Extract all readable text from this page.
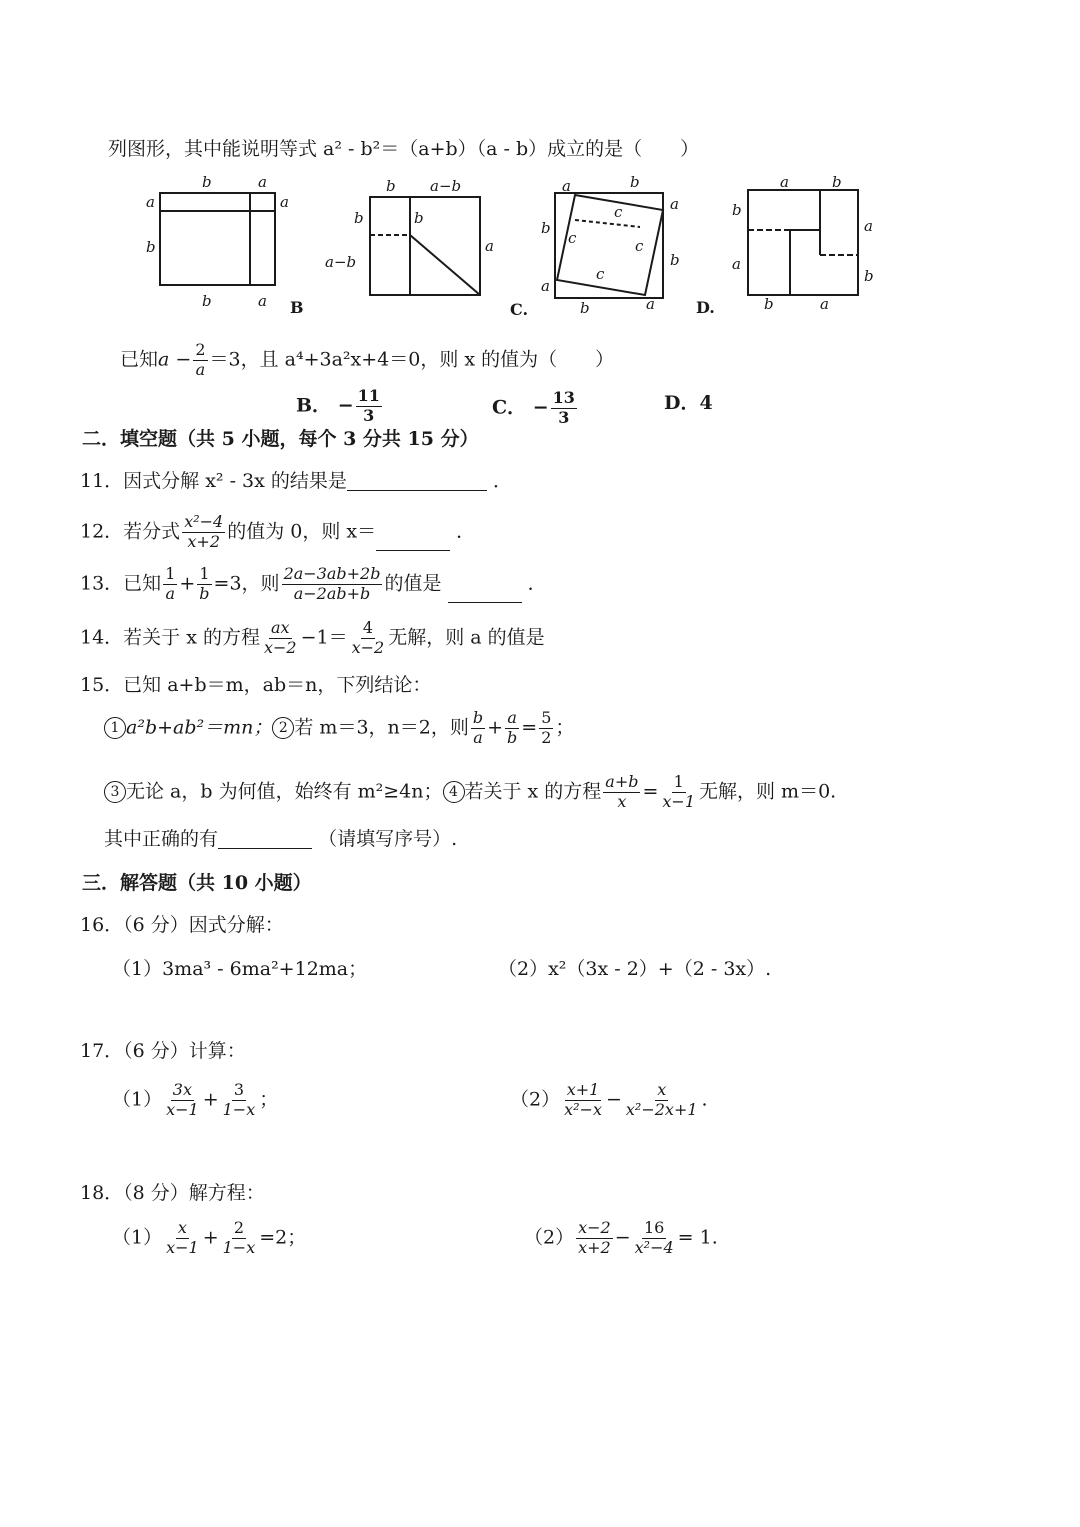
列图形，其中能说明等式 a² - b²＝（a+b）（a - b）成立的是（　　）
b	a
a	a
b
b	a
b a−b
b	b
a
a−b
B
a	b
a
b
c
c	c
c
b
a
a
b
C.
a	b
b
a
a
b
b	a
D.
已知$a - \frac{2}{a} =3$，且 a⁴+3a²x+4＝0，则 x 的值为（　　）
B． − $\frac{11}{3}$	C． − $\frac{13}{3}$	D．4
二．填空题（共 5 小题，每个 3 分共 15 分）
11．因式分解 x² - 3x 的结果是	．
12．若分式 $\frac{\text{x²−4}}{x+2}$ 的值为 0，则 x＝	．
13．已知 $\frac{1}{a} + \frac{1}{b} =3$，则 $\frac{2a-3ab+2b}{a-2ab+b}$ 的值是	．
14．若关于 x 的方程 $\frac{ax}{x-2} -1= \frac{4}{x-2}$ 无解，则 a 的值是
15．已知 a+b＝m，ab＝n，下列结论：
1 a²b+ab²＝mn； 2 若 m＝3，n＝2，则 $\frac{b}{a} + \frac{a}{b} = \frac{5}{2}$ ；
3 无论 a，b 为何值，始终有 m²≥4n； 4 若关于 x 的方程 $\frac{a+b}{x} = \frac{1}{x-1}$ 无解，则 m＝0.
其中正确的有	（请填写序号）.
三．解答题（共 10 小题）
16．（6 分）因式分解：
（1）3ma³ - 6ma²+12ma；	（2）x²（3x - 2）+（2 - 3x）.
17．（6 分）计算：
$(1) \frac{3x}{x-1} + \frac{3}{1-x}$ ；	$(2) \frac{x+1}{\text{x²−x}} - \frac{x}{\text{x²−2x+1}}$ .
18．（8 分）解方程：
$(1) \frac{x}{x-1} + \frac{2}{1-x} =2$；	$(2) \frac{x-2}{x+2} - \frac{16}{\text{x²−4}} = 1$.
